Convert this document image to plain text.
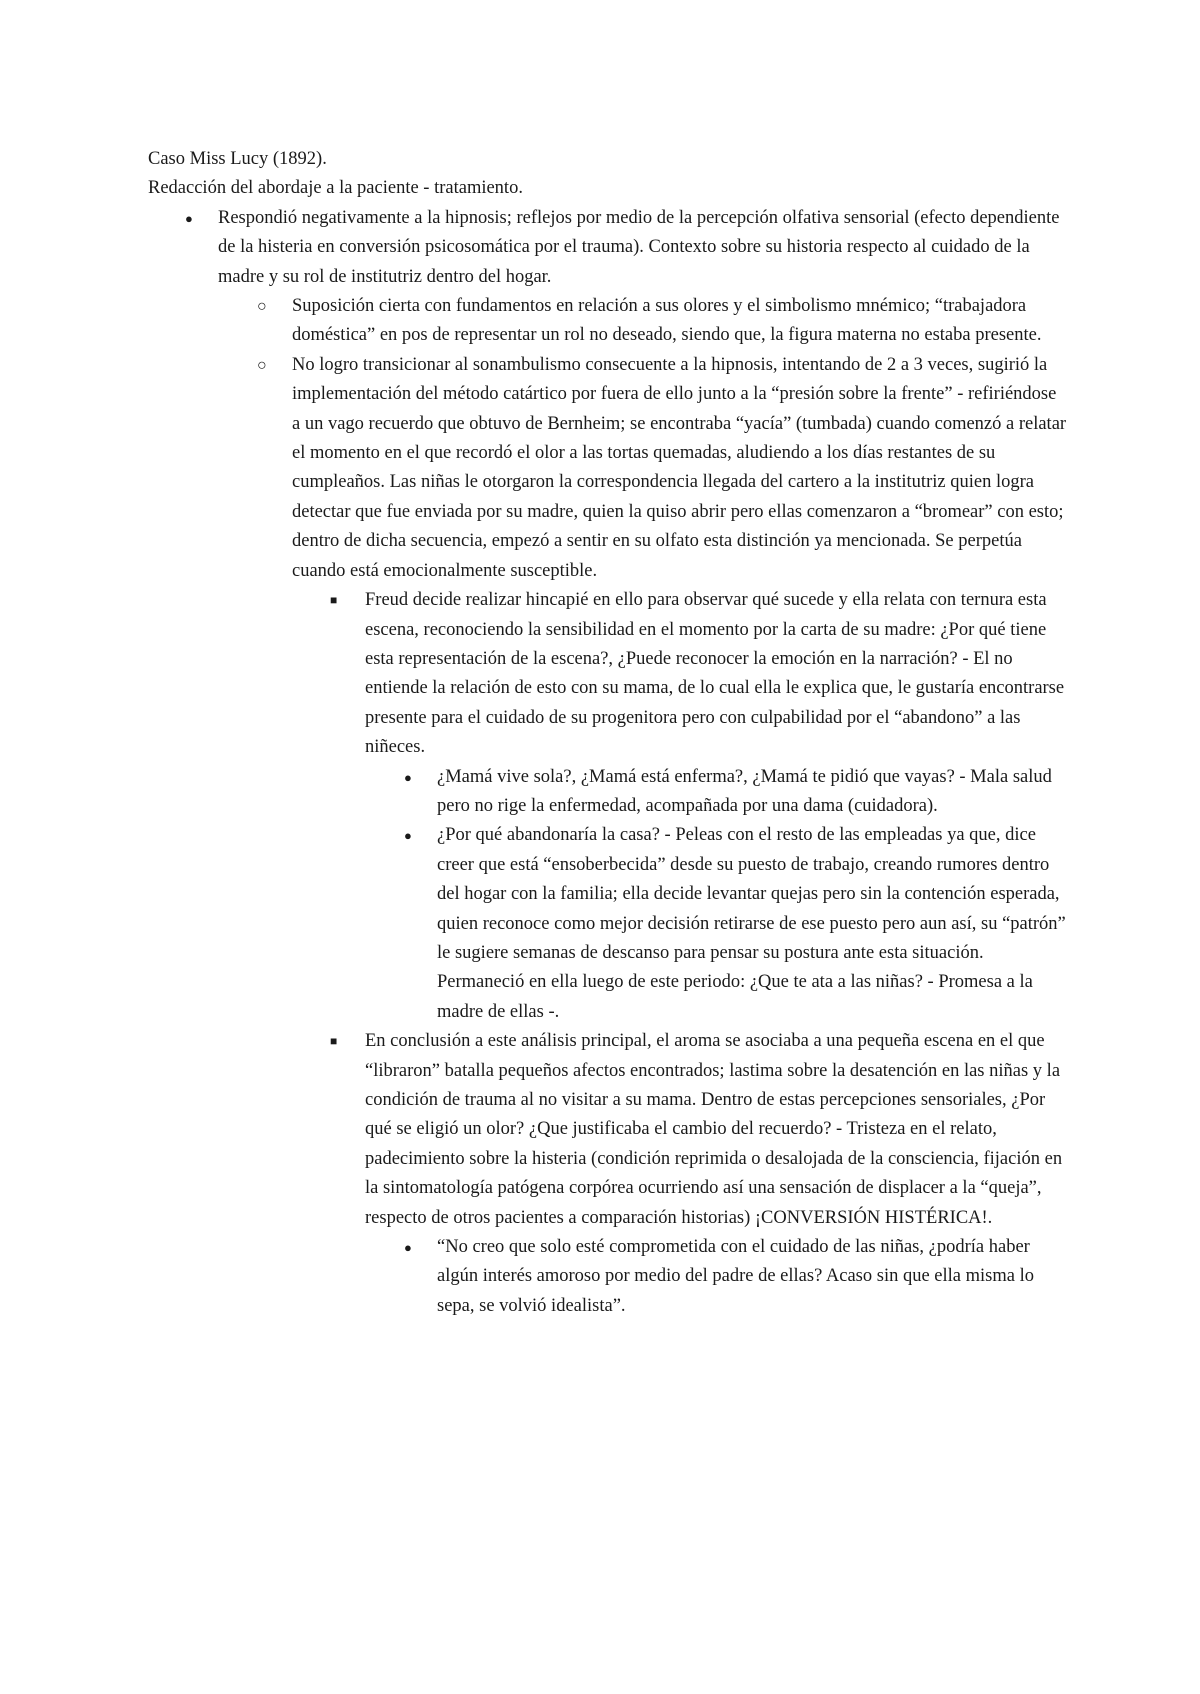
Caso Miss Lucy (1892).

Redacción del abordaje a la paciente - tratamiento.

● Respondió negativamente a la hipnosis; reflejos por medio de la percepción olfativa sensorial (efecto dependiente de la histeria en conversión psicosomática por el trauma). Contexto sobre su historia respecto al cuidado de la madre y su rol de institutriz dentro del hogar.
○ Suposición cierta con fundamentos en relación a sus olores y el simbolismo mnémico; “trabajadora doméstica” en pos de representar un rol no deseado, siendo que, la figura materna no estaba presente.
○ No logro transicionar al sonambulismo consecuente a la hipnosis, intentando de 2 a 3 veces, sugirió la implementación del método catártico por fuera de ello junto a la “presión sobre la frente” - refiriéndose a un vago recuerdo que obtuvo de Bernheim; se encontraba “yacía” (tumbada) cuando comenzó a relatar el momento en el que recordó el olor a las tortas quemadas, aludiendo a los días restantes de su cumpleaños. Las niñas le otorgaron la correspondencia llegada del cartero a la institutriz quien logra detectar que fue enviada por su madre, quien la quiso abrir pero ellas comenzaron a “bromear” con esto; dentro de dicha secuencia, empezó a sentir en su olfato esta distinción ya mencionada. Se perpetúa cuando está emocionalmente susceptible.
■ Freud decide realizar hincapié en ello para observar qué sucede y ella relata con ternura esta escena, reconociendo la sensibilidad en el momento por la carta de su madre: ¿Por qué tiene esta representación de la escena?, ¿Puede reconocer la emoción en la narración? - El no entiende la relación de esto con su mama, de lo cual ella le explica que, le gustaría encontrarse presente para el cuidado de su progenitora pero con culpabilidad por el “abandono” a las niñeces.
● ¿Mamá vive sola?, ¿Mamá está enferma?, ¿Mamá te pidió que vayas? - Mala salud pero no rige la enfermedad, acompañada por una dama (cuidadora).
● ¿Por qué abandonaría la casa? - Peleas con el resto de las empleadas ya que, dice creer que está “ensoberbecida” desde su puesto de trabajo, creando rumores dentro del hogar con la familia; ella decide levantar quejas pero sin la contención esperada, quien reconoce como mejor decisión retirarse de ese puesto pero aun así, su “patrón” le sugiere semanas de descanso para pensar su postura ante esta situación. Permaneció en ella luego de este periodo: ¿Que te ata a las niñas? - Promesa a la madre de ellas -.
■ En conclusión a este análisis principal, el aroma se asociaba a una pequeña escena en el que “libraron” batalla pequeños afectos encontrados; lastima sobre la desatención en las niñas y la condición de trauma al no visitar a su mama. Dentro de estas percepciones sensoriales, ¿Por qué se eligió un olor? ¿Que justificaba el cambio del recuerdo? - Tristeza en el relato, padecimiento sobre la histeria (condición reprimida o desalojada de la consciencia, fijación en la sintomatología patógena corpórea ocurriendo así una sensación de displacer a la “queja”, respecto de otros pacientes a comparación historias) ¡CONVERSIÓN HISTÉRICA!.
● “No creo que solo esté comprometida con el cuidado de las niñas, ¿podría haber algún interés amoroso por medio del padre de ellas? Acaso sin que ella misma lo sepa, se volvió idealista”.
